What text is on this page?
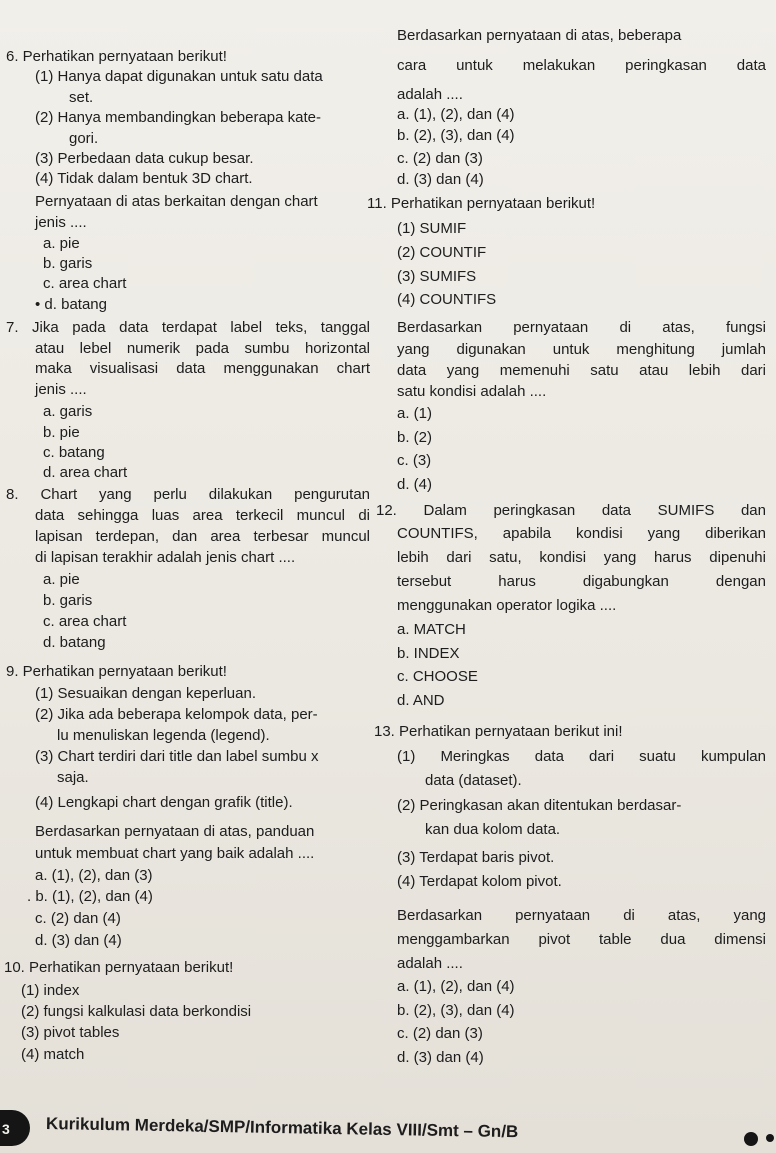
6. Perhatikan pernyataan berikut!
(1) Hanya dapat digunakan untuk satu data
set.
(2) Hanya membandingkan beberapa kate-
gori.
(3) Perbedaan data cukup besar.
(4) Tidak dalam bentuk 3D chart.
Pernyataan di atas berkaitan dengan chart
jenis ....
a. pie
b. garis
c. area chart
• d. batang
7. Jika pada data terdapat label teks, tanggal
atau lebel numerik pada sumbu horizontal
maka visualisasi data menggunakan chart
jenis ....
a. garis
b. pie
c. batang
d. area chart
8. Chart yang perlu dilakukan pengurutan
data sehingga luas area terkecil muncul di
lapisan terdepan, dan area terbesar muncul
di lapisan terakhir adalah jenis chart ....
a. pie
b. garis
c. area chart
d. batang
9. Perhatikan pernyataan berikut!
(1) Sesuaikan dengan keperluan.
(2) Jika ada beberapa kelompok data, per-
lu menuliskan legenda (legend).
(3) Chart terdiri dari title dan label sumbu x
saja.
(4) Lengkapi chart dengan grafik (title).
Berdasarkan pernyataan di atas, panduan
untuk membuat chart yang baik adalah ....
a. (1), (2), dan (3)
. b. (1), (2), dan (4)
c. (2) dan (4)
d. (3) dan (4)
10. Perhatikan pernyataan berikut!
(1) index
(2) fungsi kalkulasi data berkondisi
(3) pivot tables
(4) match
Berdasarkan pernyataan di atas, beberapa
cara untuk melakukan peringkasan data
adalah ....
a. (1), (2), dan (4)
b. (2), (3), dan (4)
c. (2) dan (3)
d. (3) dan (4)
11. Perhatikan pernyataan berikut!
(1) SUMIF
(2) COUNTIF
(3) SUMIFS
(4) COUNTIFS
Berdasarkan pernyataan di atas, fungsi
yang digunakan untuk menghitung jumlah
data yang memenuhi satu atau lebih dari
satu kondisi adalah ....
a. (1)
b. (2)
c. (3)
d. (4)
12. Dalam peringkasan data SUMIFS dan
COUNTIFS, apabila kondisi yang diberikan
lebih dari satu, kondisi yang harus dipenuhi
tersebut harus digabungkan dengan
menggunakan operator logika ....
a. MATCH
b. INDEX
c. CHOOSE
d. AND
13. Perhatikan pernyataan berikut ini!
(1) Meringkas data dari suatu kumpulan
data (dataset).
(2) Peringkasan akan ditentukan berdasar-
kan dua kolom data.
(3) Terdapat baris pivot.
(4) Terdapat kolom pivot.
Berdasarkan pernyataan di atas, yang
menggambarkan pivot table dua dimensi
adalah ....
a. (1), (2), dan (4)
b. (2), (3), dan (4)
c. (2) dan (3)
d. (3) dan (4)
3 Kurikulum Merdeka/SMP/Informatika Kelas VIII/Smt – Gn/B
